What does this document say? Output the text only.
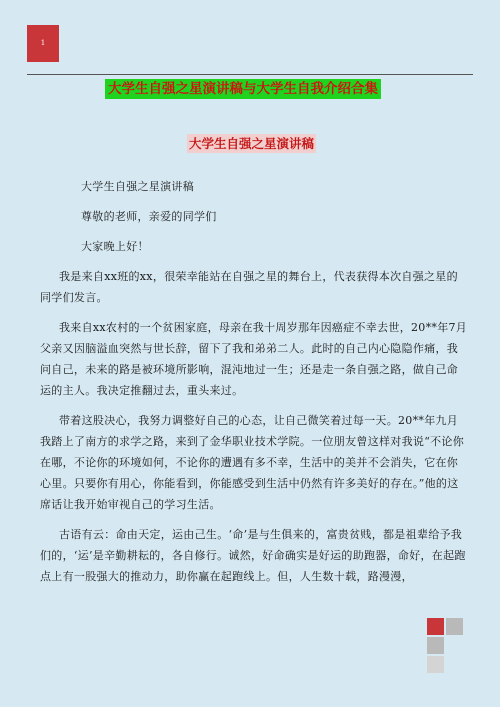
1
大学生自强之星演讲稿与大学生自我介绍合集
大学生自强之星演讲稿

大学生自强之星演讲稿

尊敬的老师，亲爱的同学们

大家晚上好！

我是来自xx班的xx，很荣幸能站在自强之星的舞台上，代表获得本次自强之星的同学们发言。

我来自xx农村的一个贫困家庭，母亲在我十周岁那年因癌症不幸去世，20**年7月父亲又因脑溢血突然与世长辞，留下了我和弟弟二人。此时的自己内心隐隐作痛，我问自己，未来的路是被环境所影响，混沌地过一生；还是走一条自强之路，做自己命运的主人。我决定推翻过去，重头来过。

带着这股决心，我努力调整好自己的心态，让自己微笑着过每一天。20**年九月我踏上了南方的求学之路，来到了金华职业技术学院。一位朋友曾这样对我说“不论你在哪，不论你的环境如何，不论你的遭遇有多不幸，生活中的美并不会消失，它在你心里。只要你有用心，你能看到，你能感受到生活中仍然有许多美好的存在。”他的这席话让我开始审视自己的学习生活。

古语有云：命由天定，运由己生。‘命’是与生俱来的，富贵贫贱，都是祖辈给予我们的，‘运’是辛勤耕耘的，各自修行。诚然，好命确实是好运的助跑器，命好，在起跑点上有一股强大的推动力，助你赢在起跑线上。但，人生数十载，路漫漫，
